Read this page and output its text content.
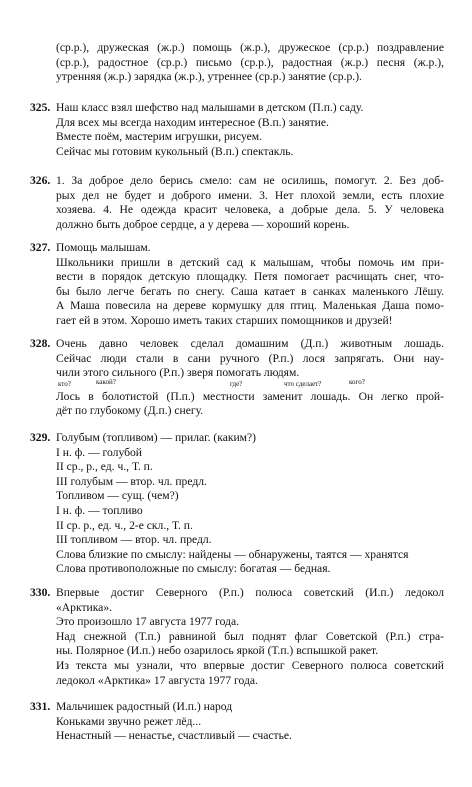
(ср.р.), дружеская (ж.р.) помощь (ж.р.), дружеское (ср.р.) поздравление
(ср.р.), радостное (ср.р.) письмо (ср.р.), радостная (ж.р.) песня (ж.р.),
утренняя (ж.р.) зарядка (ж.р.), утреннее (ср.р.) занятие (ср.р.).
325. Наш класс взял шефство над малышами в детском (П.п.) саду.
Для всех мы всегда находим интересное (В.п.) занятие.
Вместе поём, мастерим игрушки, рисуем.
Сейчас мы готовим кукольный (В.п.) спектакль.
326. 1. За доброе дело берись смело: сам не осилишь, помогут. 2. Без доб-
рых дел не будет и доброго имени. 3. Нет плохой земли, есть плохие
хозяева. 4. Не одежда красит человека, а добрые дела. 5. У человека
должно быть доброе сердце, а у дерева — хороший корень.
327. Помощь малышам.
Школьники пришли в детский сад к малышам, чтобы помочь им при-
вести в порядок детскую площадку. Петя помогает расчищать снег, что-
бы было легче бегать по снегу. Саша катает в санках маленького Лёшу.
А Маша повесила на дереве кормушку для птиц. Маленькая Даша помо-
гает ей в этом. Хорошо иметь таких старших помощников и друзей!
328. Очень давно человек сделал домашним (Д.п.) животным лошадь.
Сейчас люди стали в сани ручного (Р.п.) лося запрягать. Они нау-
чили этого сильного (Р.п.) зверя помогать людям.
кто?	какой?	где?	что сделает?	кого?
Лось в болотистой (П.п.) местности заменит лошадь. Он легко прой-
дёт по глубокому (Д.п.) снегу.
329. Голубым (топливом) — прилаг. (каким?)
I н. ф. — голубой
II ср., р., ед. ч., Т. п.
III голубым — втор. чл. предл.
Топливом — сущ. (чем?)
I н. ф. — топливо
II ср. р., ед. ч., 2-е скл., Т. п.
III топливом — втор. чл. предл.
Слова близкие по смыслу: найдены — обнаружены, таятся — хранятся
Слова противоположные по смыслу: богатая — бедная.
330. Впервые достиг Северного (Р.п.) полюса советский (И.п.) ледокол
«Арктика».
Это произошло 17 августа 1977 года.
Над снежной (Т.п.) равниной был поднят флаг Советской (Р.п.) стра-
ны. Полярное (И.п.) небо озарилось яркой (Т.п.) вспышкой ракет.
Из текста мы узнали, что впервые достиг Северного полюса советский
ледокол «Арктика» 17 августа 1977 года.
331. Мальчишек радостный (И.п.) народ
Коньками звучно режет лёд...
Ненастный — ненастье, счастливый — счастье.
